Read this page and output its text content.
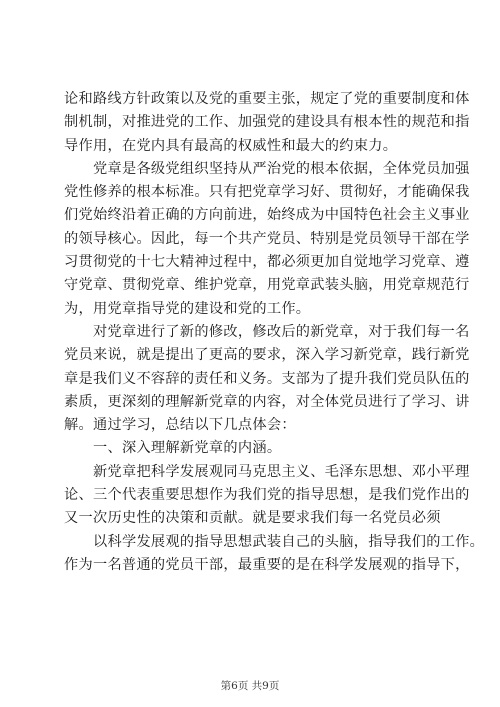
论和路线方针政策以及党的重要主张，规定了党的重要制度和体
制机制，对推进党的工作、加强党的建设具有根本性的规范和指
导作用，在党内具有最高的权威性和最大的约束力。
　　党章是各级党组织坚持从严治党的根本依据，全体党员加强
党性修养的根本标准。只有把党章学习好、贯彻好，才能确保我
们党始终沿着正确的方向前进，始终成为中国特色社会主义事业
的领导核心。因此，每一个共产党员、特别是党员领导干部在学
习贯彻党的十七大精神过程中，都必须更加自觉地学习党章、遵
守党章、贯彻党章、维护党章，用党章武装头脑，用党章规范行
为，用党章指导党的建设和党的工作。
　　对党章进行了新的修改，修改后的新党章，对于我们每一名
党员来说，就是提出了更高的要求，深入学习新党章，践行新党
章是我们义不容辞的责任和义务。支部为了提升我们党员队伍的
素质，更深刻的理解新党章的内容，对全体党员进行了学习、讲
解。通过学习，总结以下几点体会：
　　一、深入理解新党章的内涵。
　　新党章把科学发展观同马克思主义、毛泽东思想、邓小平理
论、三个代表重要思想作为我们党的指导思想，是我们党作出的
又一次历史性的决策和贡献。就是要求我们每一名党员必须
　　以科学发展观的指导思想武装自己的头脑，指导我们的工作。
作为一名普通的党员干部，最重要的是在科学发展观的指导下，
第6页 共9页
